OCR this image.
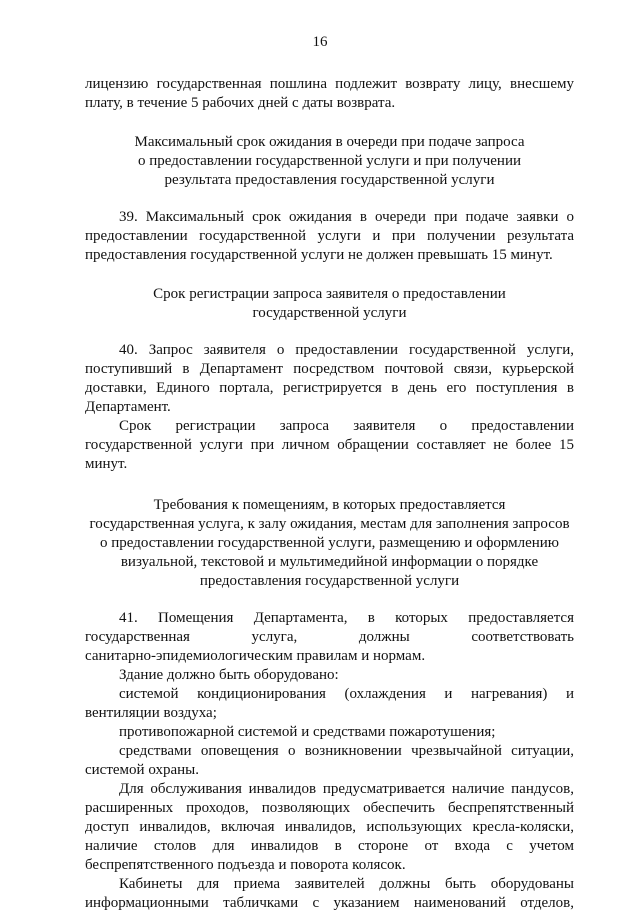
16

лицензию государственная пошлина подлежит возврату лицу, внесшему

плату, в течение 5 рабочих дней с даты возврата.

Максимальный срок ожидания в очереди при подаче запроса
о предоставлении государственной услуги и при получении
результата предоставления государственной услуги

39. Максимальный срок ожидания в очереди при подаче заявки о

предоставлении государственной услуги и при получении результата

предоставления государственной услуги не должен превышать 15 минут.

Срок регистрации запроса заявителя о предоставлении
государственной услуги

40. Запрос заявителя о предоставлении государственной услуги,

поступивший в Департамент посредством почтовой связи, курьерской

доставки, Единого портала, регистрируется в день его поступления в

Департамент.

Срок регистрации запроса заявителя о предоставлении

государственной услуги при личном обращении составляет не более 15

минут.

Требования к помещениям, в которых предоставляется
государственная услуга, к залу ожидания, местам для заполнения запросов
о предоставлении государственной услуги, размещению и оформлению
визуальной, текстовой и мультимедийной информации о порядке
предоставления государственной услуги

41. Помещения Департамента, в которых предоставляется

государственная услуга, должны соответствовать

санитарно-эпидемиологическим правилам и нормам.

Здание должно быть оборудовано:

системой кондиционирования (охлаждения и нагревания) и

вентиляции воздуха;

противопожарной системой и средствами пожаротушения;

средствами оповещения о возникновении чрезвычайной ситуации,

системой охраны.

Для обслуживания инвалидов предусматривается наличие пандусов,

расширенных проходов, позволяющих обеспечить беспрепятственный

доступ инвалидов, включая инвалидов, использующих кресла-коляски,

наличие столов для инвалидов в стороне от входа с учетом

беспрепятственного подъезда и поворота колясок.

Кабинеты для приема заявителей должны быть оборудованы

информационными табличками с указанием наименований отделов,
